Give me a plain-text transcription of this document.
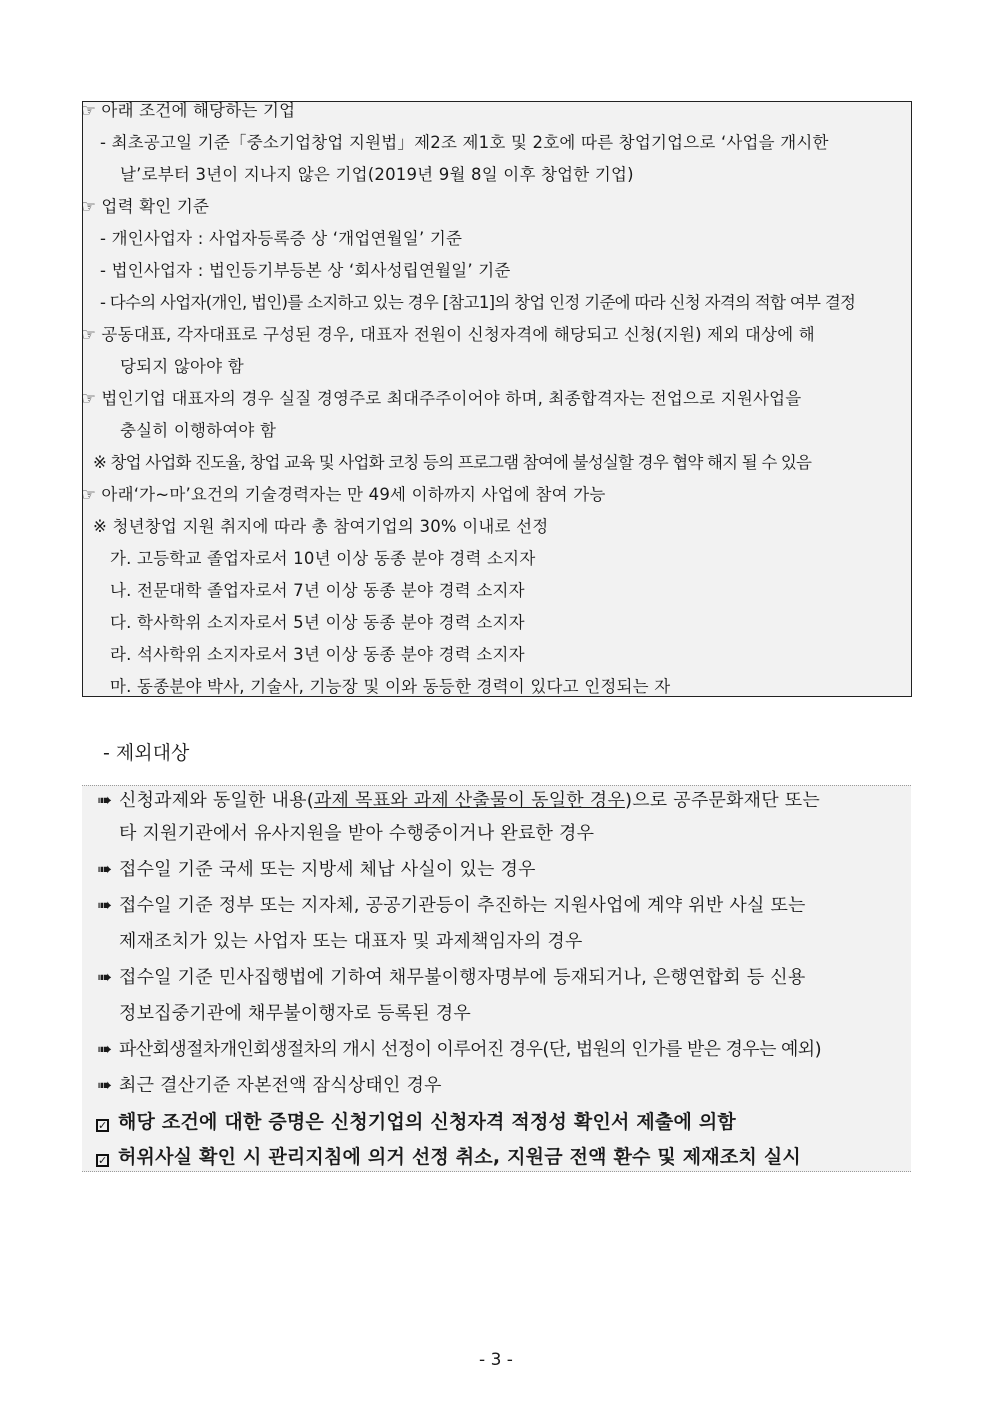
☞ 아래 조건에 해당하는 기업
- 최초공고일 기준「중소기업창업 지원법」제2조 제1호 및 2호에 따른 창업기업으로 ‘사업을 개시한
날’로부터 3년이 지나지 않은 기업(2019년 9월 8일 이후 창업한 기업)
☞ 업력 확인 기준
- 개인사업자 : 사업자등록증 상 ‘개업연월일’ 기준
- 법인사업자 : 법인등기부등본 상 ‘회사성립연월일’ 기준
- 다수의 사업자(개인, 법인)를 소지하고 있는 경우 [참고1]의 창업 인정 기준에 따라 신청 자격의 적합 여부 결정
☞ 공동대표, 각자대표로 구성된 경우, 대표자 전원이 신청자격에 해당되고 신청(지원) 제외 대상에 해
당되지 않아야 함
☞ 법인기업 대표자의 경우 실질 경영주로 최대주주이어야 하며, 최종합격자는 전업으로 지원사업을
충실히 이행하여야 함
※ 창업 사업화 진도율, 창업 교육 및 사업화 코칭 등의 프로그램 참여에 불성실할 경우 협약 해지 될 수 있음
☞ 아래‘가~마’요건의 기술경력자는 만 49세 이하까지 사업에 참여 가능
※ 청년창업 지원 취지에 따라 총 참여기업의 30% 이내로 선정
가. 고등학교 졸업자로서 10년 이상 동종 분야 경력 소지자
나. 전문대학 졸업자로서 7년 이상 동종 분야 경력 소지자
다. 학사학위 소지자로서 5년 이상 동종 분야 경력 소지자
라. 석사학위 소지자로서 3년 이상 동종 분야 경력 소지자
마. 동종분야 박사, 기술사, 기능장 및 이와 동등한 경력이 있다고 인정되는 자
- 제외대상
➠ 신청과제와 동일한 내용(과제 목표와 과제 산출물이 동일한 경우)으로 공주문화재단 또는
타 지원기관에서 유사지원을 받아 수행중이거나 완료한 경우
➠ 접수일 기준 국세 또는 지방세 체납 사실이 있는 경우
➠ 접수일 기준 정부 또는 지자체, 공공기관등이 추진하는 지원사업에 계약 위반 사실 또는
제재조치가 있는 사업자 또는 대표자 및 과제책임자의 경우
➠ 접수일 기준 민사집행법에 기하여 채무불이행자명부에 등재되거나, 은행연합회 등 신용
정보집중기관에 채무불이행자로 등록된 경우
➠ 파산회생절차개인회생절차의 개시 선정이 이루어진 경우(단, 법원의 인가를 받은 경우는 예외)
➠ 최근 결산기준 자본전액 잠식상태인 경우
✓ 해당 조건에 대한 증명은 신청기업의 신청자격 적정성 확인서 제출에 의함
✓ 허위사실 확인 시 관리지침에 의거 선정 취소, 지원금 전액 환수 및 제재조치 실시
- 3 -
